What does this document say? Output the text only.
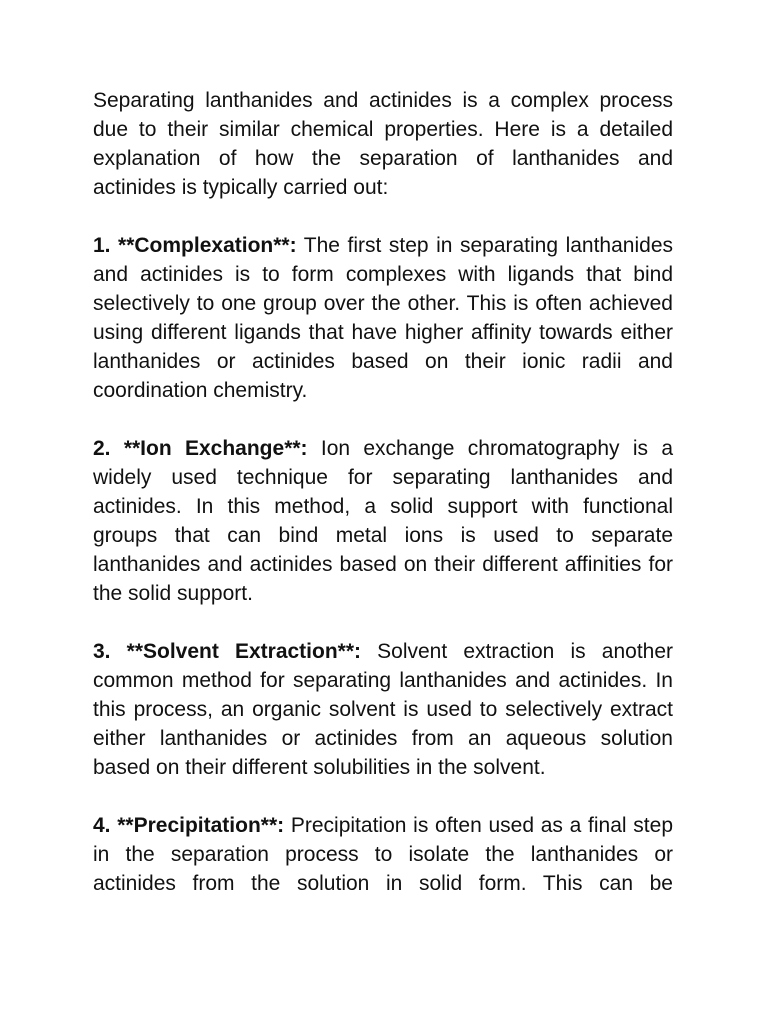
Separating lanthanides and actinides is a complex process due to their similar chemical properties. Here is a detailed explanation of how the separation of lanthanides and actinides is typically carried out:

1. **Complexation**: The first step in separating lanthanides and actinides is to form complexes with ligands that bind selectively to one group over the other. This is often achieved using different ligands that have higher affinity towards either lanthanides or actinides based on their ionic radii and coordination chemistry.

2. **Ion Exchange**: Ion exchange chromatography is a widely used technique for separating lanthanides and actinides. In this method, a solid support with functional groups that can bind metal ions is used to separate lanthanides and actinides based on their different affinities for the solid support.

3. **Solvent Extraction**: Solvent extraction is another common method for separating lanthanides and actinides. In this process, an organic solvent is used to selectively extract either lanthanides or actinides from an aqueous solution based on their different solubilities in the solvent.

4. **Precipitation**: Precipitation is often used as a final step in the separation process to isolate the lanthanides or actinides from the solution in solid form. This can be
